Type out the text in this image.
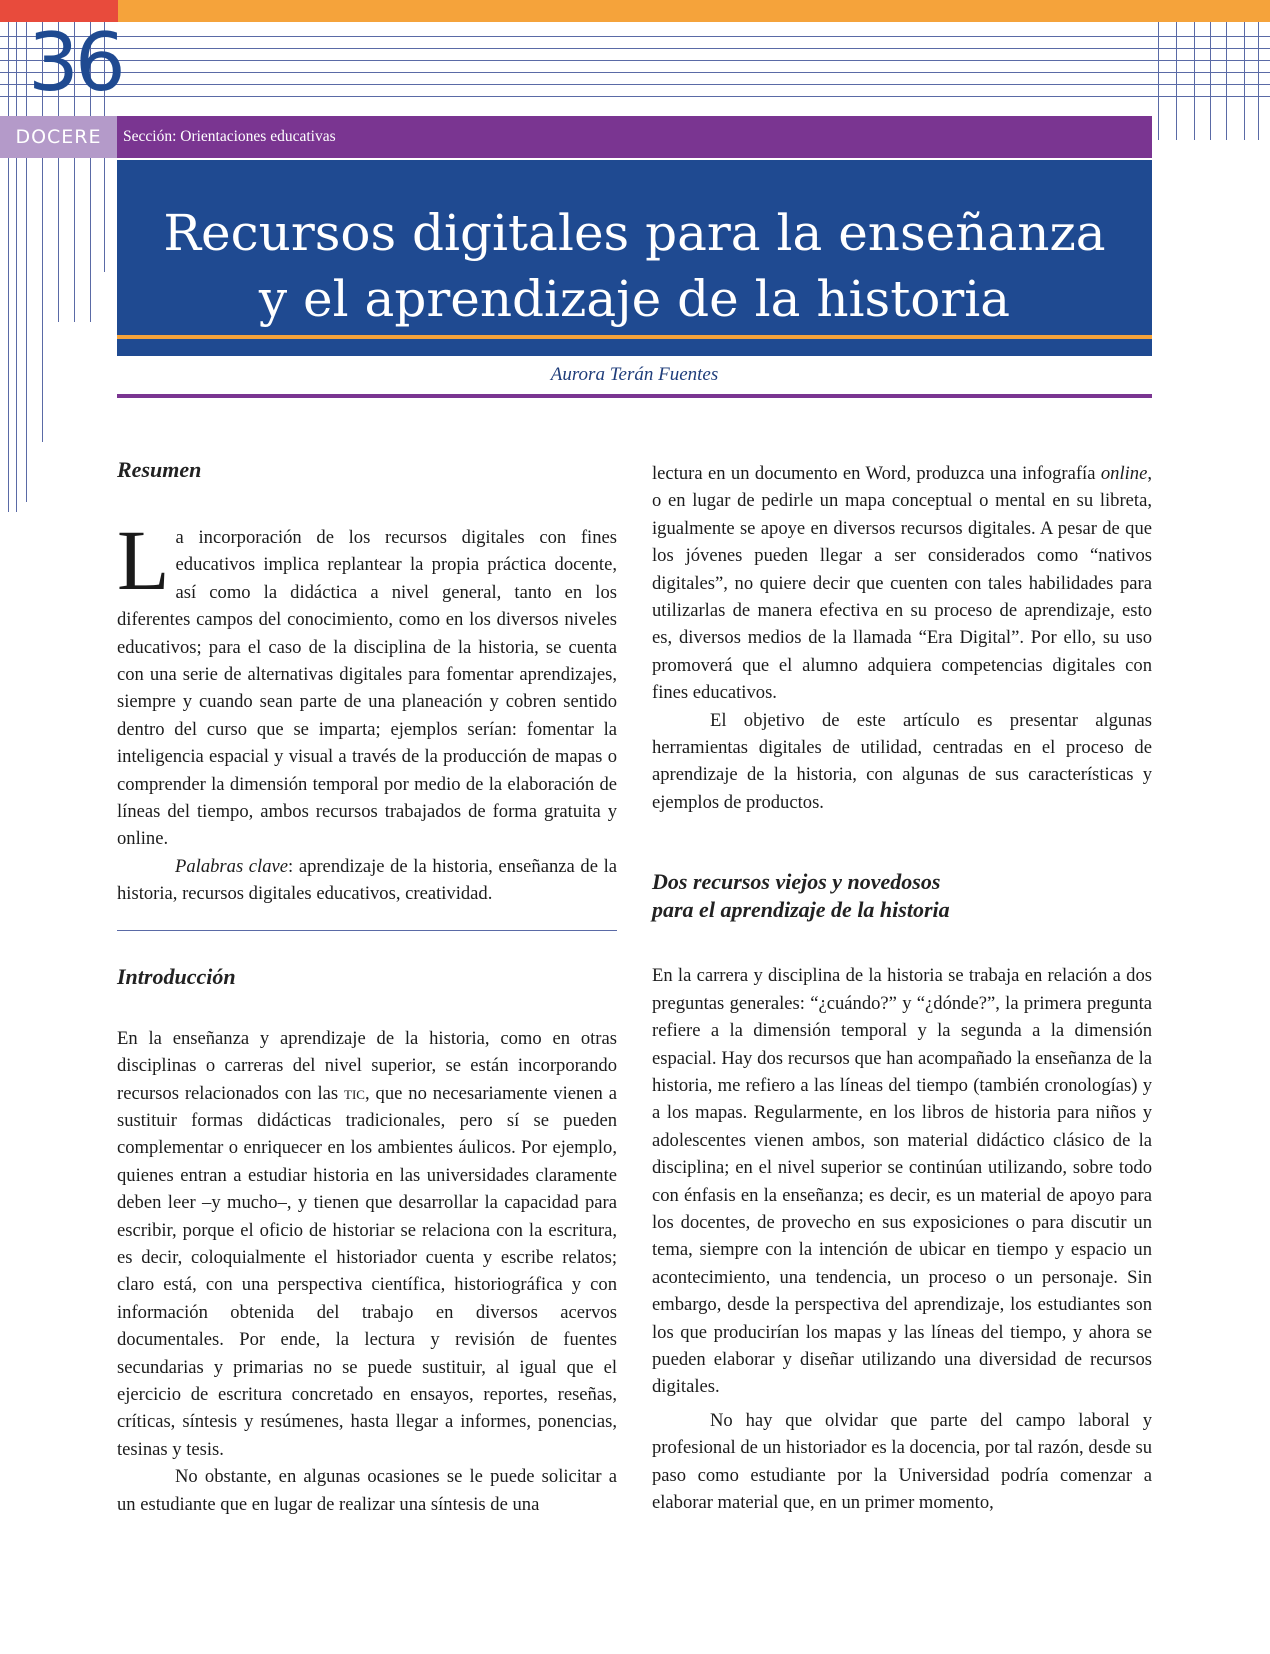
36
DOCERE	Sección: Orientaciones educativas
Recursos digitales para la enseñanza
y el aprendizaje de la historia
Aurora Terán Fuentes
Resumen

La incorporación de los recursos digitales con fines educativos implica replantear la propia práctica docente, así como la didáctica a nivel general, tanto en los diferentes campos del conocimiento, como en los diversos niveles educativos; para el caso de la disciplina de la historia, se cuenta con una serie de alternativas digitales para fomentar aprendizajes, siempre y cuando sean parte de una planeación y cobren sentido dentro del curso que se imparta; ejemplos serían: fomentar la inteligencia espacial y visual a través de la producción de mapas o comprender la dimensión temporal por medio de la elaboración de líneas del tiempo, ambos recursos trabajados de forma gratuita y online.

Palabras clave: aprendizaje de la historia, enseñanza de la historia, recursos digitales educativos, creatividad.

Introducción

En la enseñanza y aprendizaje de la historia, como en otras disciplinas o carreras del nivel superior, se están incorporando recursos relacionados con las tic, que no necesariamente vienen a sustituir formas didácticas tradicionales, pero sí se pueden complementar o enriquecer en los ambientes áulicos. Por ejemplo, quienes entran a estudiar historia en las universidades claramente deben leer –y mucho–, y tienen que desarrollar la capacidad para escribir, porque el oficio de historiar se relaciona con la escritura, es decir, coloquialmente el historiador cuenta y escribe relatos; claro está, con una perspectiva científica, historiográfica y con información obtenida del trabajo en diversos acervos documentales. Por ende, la lectura y revisión de fuentes secundarias y primarias no se puede sustituir, al igual que el ejercicio de escritura concretado en ensayos, reportes, reseñas, críticas, síntesis y resúmenes, hasta llegar a informes, ponencias, tesinas y tesis.

No obstante, en algunas ocasiones se le puede solicitar a un estudiante que en lugar de realizar una síntesis de una

lectura en un documento en Word, produzca una infografía online, o en lugar de pedirle un mapa conceptual o mental en su libreta, igualmente se apoye en diversos recursos digitales. A pesar de que los jóvenes pueden llegar a ser considerados como “nativos digitales”, no quiere decir que cuenten con tales habilidades para utilizarlas de manera efectiva en su proceso de aprendizaje, esto es, diversos medios de la llamada “Era Digital”. Por ello, su uso promoverá que el alumno adquiera competencias digitales con fines educativos.

El objetivo de este artículo es presentar algunas herramientas digitales de utilidad, centradas en el proceso de aprendizaje de la historia, con algunas de sus características y ejemplos de productos.

Dos recursos viejos y novedosos
para el aprendizaje de la historia

En la carrera y disciplina de la historia se trabaja en relación a dos preguntas generales: “¿cuándo?” y “¿dónde?”, la primera pregunta refiere a la dimensión temporal y la segunda a la dimensión espacial. Hay dos recursos que han acompañado la enseñanza de la historia, me refiero a las líneas del tiempo (también cronologías) y a los mapas. Regularmente, en los libros de historia para niños y adolescentes vienen ambos, son material didáctico clásico de la disciplina; en el nivel superior se continúan utilizando, sobre todo con énfasis en la enseñanza; es decir, es un material de apoyo para los docentes, de provecho en sus exposiciones o para discutir un tema, siempre con la intención de ubicar en tiempo y espacio un acontecimiento, una tendencia, un proceso o un personaje. Sin embargo, desde la perspectiva del aprendizaje, los estudiantes son los que producirían los mapas y las líneas del tiempo, y ahora se pueden elaborar y diseñar utilizando una diversidad de recursos digitales.

No hay que olvidar que parte del campo laboral y profesional de un historiador es la docencia, por tal razón, desde su paso como estudiante por la Universidad podría comenzar a elaborar material que, en un primer momento,
